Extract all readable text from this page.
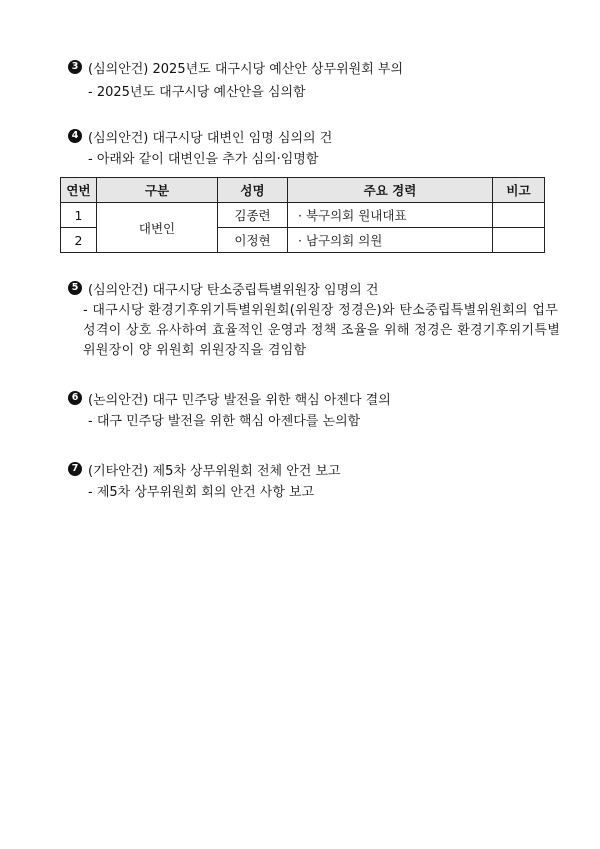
3 (심의안건) 2025년도 대구시당 예산안 상무위원회 부의
- 2025년도 대구시당 예산안을 심의함
4 (심의안건) 대구시당 대변인 임명 심의의 건
- 아래와 같이 대변인을 추가 심의·임명함
연번	구분	성명	주요 경력	비고
1	대변인	김종련	· 북구의회 원내대표	
2		이정현	· 남구의회 의원	
5 (심의안건) 대구시당 탄소중립특별위원장 임명의 건
- 대구시당 환경기후위기특별위원회(위원장 정경은)와 탄소중립특별위원회의 업무 성격이 상호 유사하여 효율적인 운영과 정책 조율을 위해 정경은 환경기후위기특별위원장이 양 위원회 위원장직을 겸임함
6 (논의안건) 대구 민주당 발전을 위한 핵심 아젠다 결의
- 대구 민주당 발전을 위한 핵심 아젠다를 논의함
7 (기타안건) 제5차 상무위원회 전체 안건 보고
- 제5차 상무위원회 회의 안건 사항 보고
